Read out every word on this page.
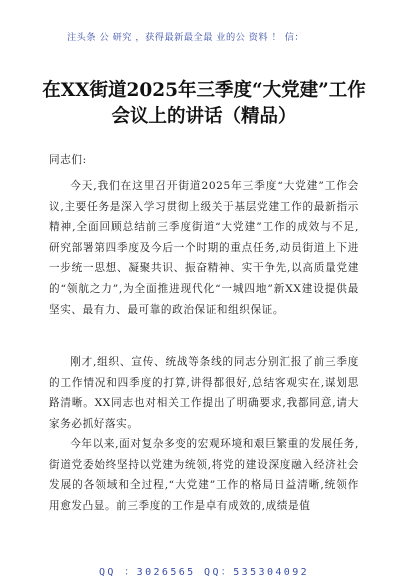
注头条 公 研究 ，获得最新最全最 业的公 资料 ！ 信：
在XX街道2025年三季度“大党建”工作会议上的讲话（精品）
同志们:
今天,我们在这里召开街道2025年三季度“大党建”工作会议,主要任务是深入学习贯彻上级关于基层党建工作的最新指示精神,全面回顾总结前三季度街道“大党建”工作的成效与不足,研究部署第四季度及今后一个时期的重点任务,动员街道上下进一步统一思想、凝聚共识、振奋精神、实干争先,以高质量党建的“领航之力”,为全面推进现代化“一城四地”新XX建设提供最坚实、最有力、最可靠的政治保证和组织保证。
刚才,组织、宣传、统战等条线的同志分别汇报了前三季度的工作情况和四季度的打算,讲得都很好,总结客观实在,谋划思路清晰。XX同志也对相关工作提出了明确要求,我都同意,请大家务必抓好落实。
今年以来,面对复杂多变的宏观环境和艰巨繁重的发展任务,街道党委始终坚持以党建为统领,将党的建设深度融入经济社会发展的各领域和全过程,“大党建”工作的格局日益清晰,统领作用愈发凸显。前三季度的工作是卓有成效的,成绩是值
QQ ：3026565 QQ：535304092
